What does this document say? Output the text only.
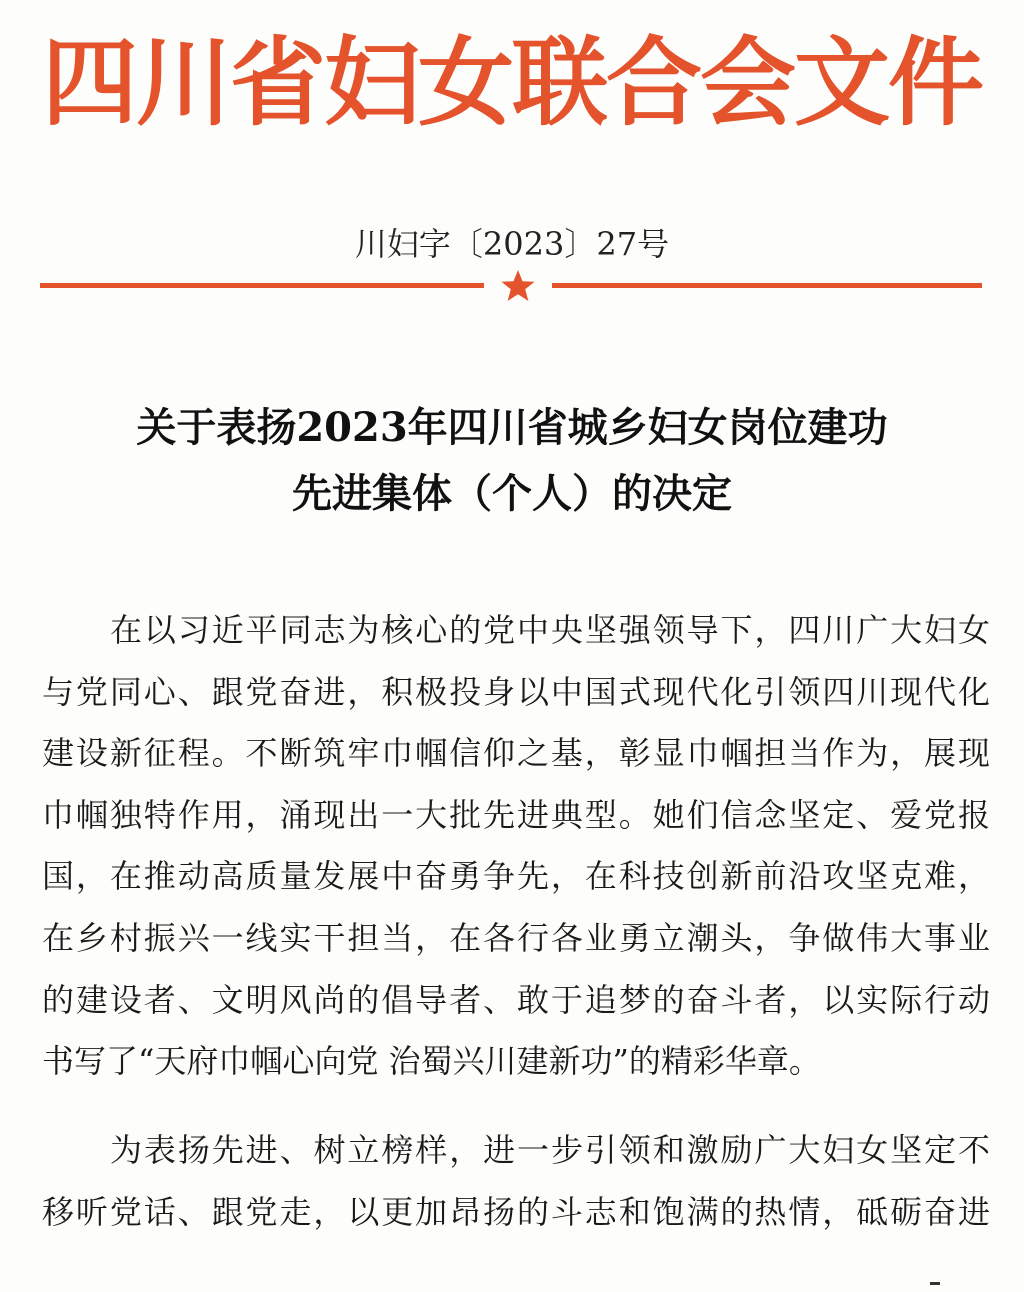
四川省妇女联合会文件
川妇字〔2023〕27号
关于表扬2023年四川省城乡妇女岗位建功
先进集体（个人）的决定
在以习近平同志为核心的党中央坚强领导下，四川广大妇女
与党同心、跟党奋进，积极投身以中国式现代化引领四川现代化
建设新征程。不断筑牢巾帼信仰之基，彰显巾帼担当作为，展现
巾帼独特作用，涌现出一大批先进典型。她们信念坚定、爱党报
国，在推动高质量发展中奋勇争先，在科技创新前沿攻坚克难，
在乡村振兴一线实干担当，在各行各业勇立潮头，争做伟大事业
的建设者、文明风尚的倡导者、敢于追梦的奋斗者，以实际行动
书写了“天府巾帼心向党 治蜀兴川建新功”的精彩华章。
为表扬先进、树立榜样，进一步引领和激励广大妇女坚定不
移听党话、跟党走，以更加昂扬的斗志和饱满的热情，砥砺奋进
